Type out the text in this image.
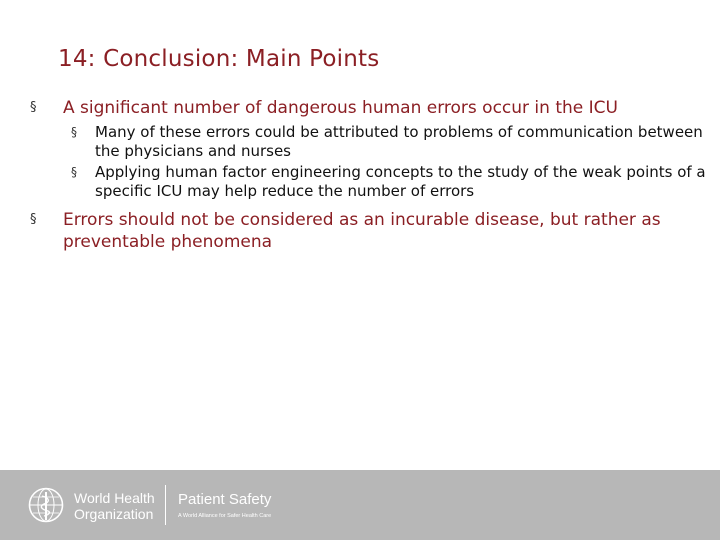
14: Conclusion: Main Points
§ A significant number of dangerous human errors occur in the ICU
§ Many of these errors could be attributed to problems of communication between the physicians and nurses
§ Applying human factor engineering concepts to the study of the weak points of a specific ICU may help reduce the number of errors
§ Errors should not be considered as an incurable disease, but rather as preventable phenomena
World Health
Organization
Patient Safety
A World Alliance for Safer Health Care
